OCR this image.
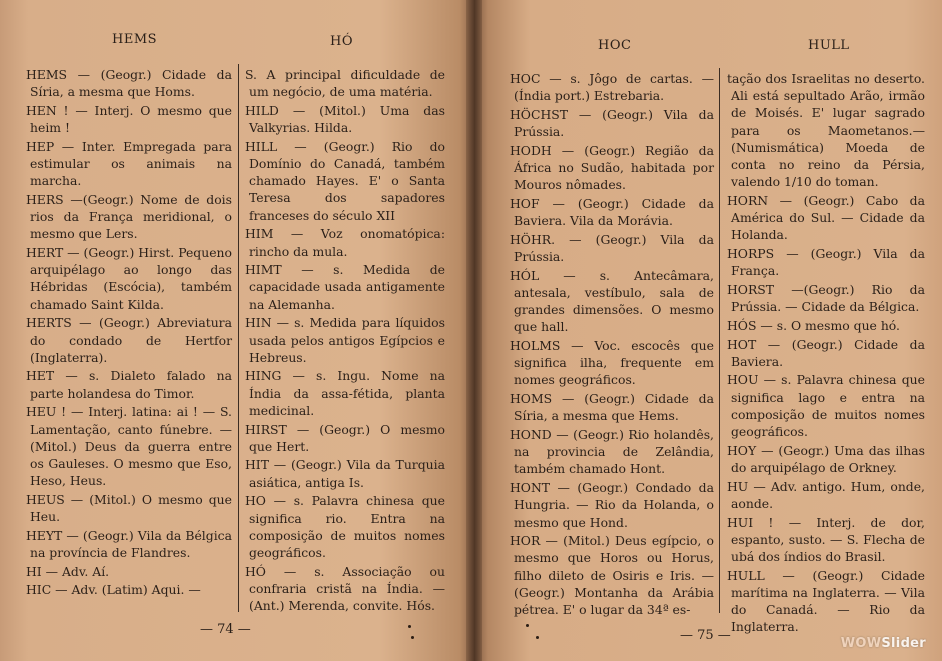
HEMS	HÓ

HEMS — (Geogr.) Cidade da Síria, a mesma que Homs.

HEN ! — Interj. O mesmo que heim !

HEP — Inter. Empregada para estimular os animais na marcha.

HERS —(Geogr.) Nome de dois rios da França meridional, o mesmo que Lers.

HERT — (Geogr.) Hirst. Pequeno arquipélago ao longo das Hébridas (Escócia), também chamado Saint Kilda.

HERTS — (Geogr.) Abreviatura do condado de Hertfor (Inglaterra).

HET — s. Dialeto falado na parte holandesa do Timor.

HEU ! — Interj. latina: ai ! — S. Lamentação, canto fúnebre. — (Mitol.) Deus da guerra entre os Gauleses. O mesmo que Eso, Heso, Heus.

HEUS — (Mitol.) O mesmo que Heu.

HEYT — (Geogr.) Vila da Bélgica na província de Flandres.

HI — Adv. Aí.

HIC — Adv. (Latim) Aqui. —

S. A principal dificuldade de um negócio, de uma matéria.

HILD — (Mitol.) Uma das Valkyrias. Hilda.

HILL — (Geogr.) Rio do Domínio do Canadá, também chamado Hayes. E' o Santa Teresa dos sapadores franceses do século XII

HIM — Voz onomatópica: rincho da mula.

HIMT — s. Medida de capacidade usada antigamente na Alemanha.

HIN — s. Medida para líquidos usada pelos antigos Egípcios e Hebreus.

HING — s. Ingu. Nome na Índia da assa-fétida, planta medicinal.

HIRST — (Geogr.) O mesmo que Hert.

HIT — (Geogr.) Vila da Turquia asiática, antiga Is.

HO — s. Palavra chinesa que significa rio. Entra na composição de muitos nomes geográficos.

HÓ — s. Associação ou confraria cristã na Índia. — (Ant.) Merenda, convite. Hós.

— 74 —
HOC	HULL

HOC — s. Jôgo de cartas. — (Índia port.) Estrebaria.

HÖCHST — (Geogr.) Vila da Prússia.

HODH — (Geogr.) Região da África no Sudão, habitada por Mouros nômades.

HOF — (Geogr.) Cidade da Baviera. Vila da Morávia.

HÖHR. — (Geogr.) Vila da Prússia.

HÓL — s. Antecâmara, antesala, vestíbulo, sala de grandes dimensões. O mesmo que hall.

HOLMS — Voc. escocês que significa ilha, frequente em nomes geográficos.

HOMS — (Geogr.) Cidade da Síria, a mesma que Hems.

HOND — (Geogr.) Rio holandês, na provincia de Zelândia, também chamado Hont.

HONT — (Geogr.) Condado da Hungria. — Rio da Holanda, o mesmo que Hond.

HOR — (Mitol.) Deus egípcio, o mesmo que Horos ou Horus, filho dileto de Osiris e Iris. — (Geogr.) Montanha da Arábia pétrea. E' o lugar da 34ª es-

tação dos Israelitas no deserto. Ali está sepultado Arão, irmão de Moisés. E' lugar sagrado para os Maometanos.— (Numismática) Moeda de conta no reino da Pérsia, valendo 1/10 do toman.

HORN — (Geogr.) Cabo da América do Sul. — Cidade da Holanda.

HORPS — (Geogr.) Vila da França.

HORST —(Geogr.) Rio da Prússia. — Cidade da Bélgica.

HÓS — s. O mesmo que hó.

HOT — (Geogr.) Cidade da Baviera.

HOU — s. Palavra chinesa que significa lago e entra na composição de muitos nomes geográficos.

HOY — (Geogr.) Uma das ilhas do arquipélago de Orkney.

HU — Adv. antigo. Hum, onde, aonde.

HUI ! — Interj. de dor, espanto, susto. — S. Flecha de ubá dos índios do Brasil.

HULL — (Geogr.) Cidade marítima na Inglaterra. — Vila do Canadá. — Rio da Inglaterra.

— 75 —
WOWSlider
